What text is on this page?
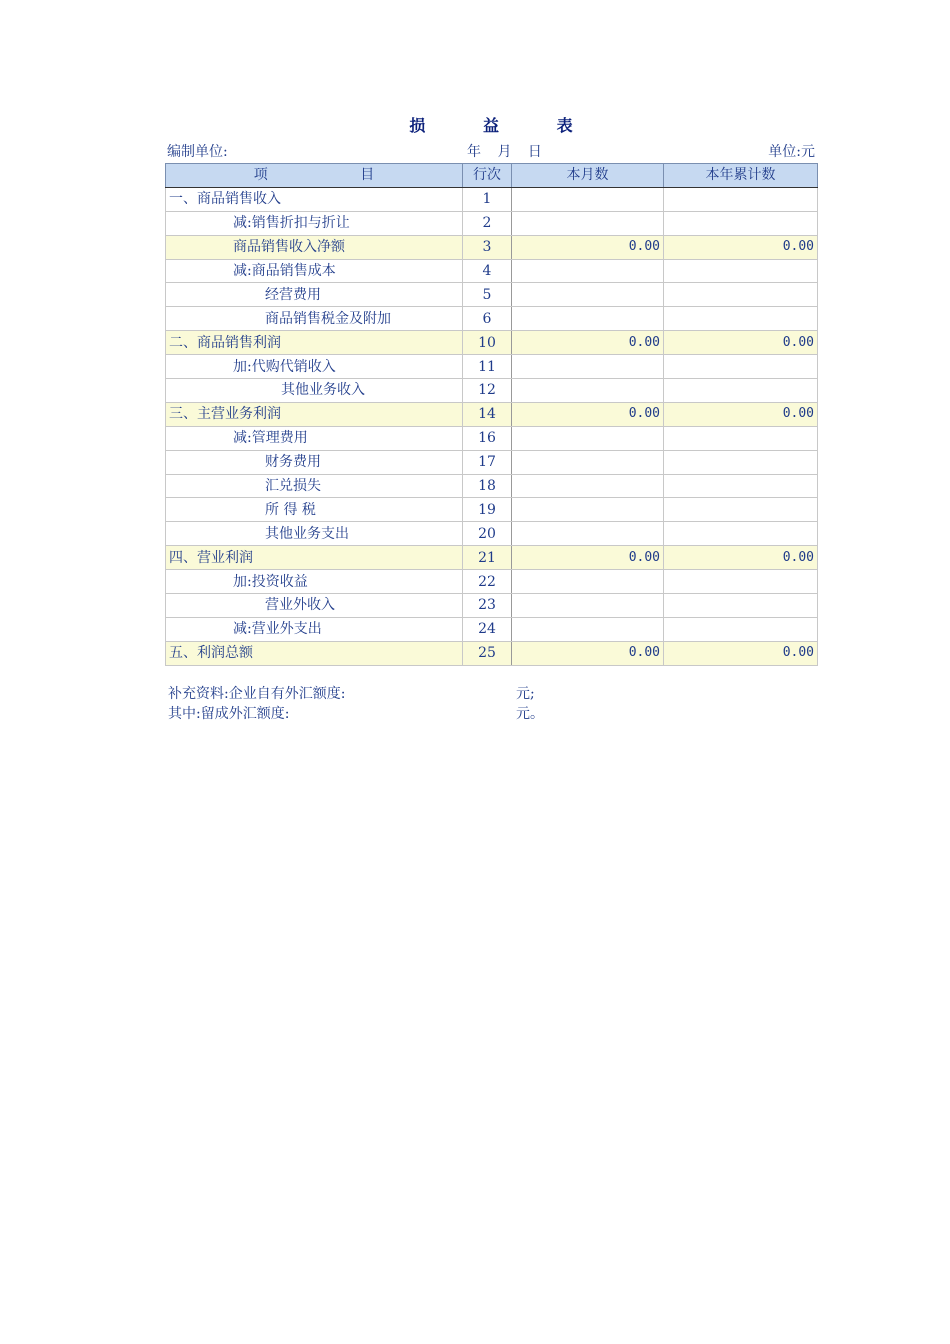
损	益	表
编制单位:	年 月 日	单位:元
项 目	行次	本月数	本年累计数
一、商品销售收入	1		
减:销售折扣与折让	2		
商品销售收入净额	3	0.00	0.00
减:商品销售成本	4		
经营费用	5		
商品销售税金及附加	6		
二、商品销售利润	10	0.00	0.00
加:代购代销收入	11		
其他业务收入	12		
三、主营业务利润	14	0.00	0.00
减:管理费用	16		
财务费用	17		
汇兑损失	18		
所 得 税	19		
其他业务支出	20		
四、营业利润	21	0.00	0.00
加:投资收益	22		
营业外收入	23		
减:营业外支出	24		
五、利润总额	25	0.00	0.00
补充资料:企业自有外汇额度:	元;
其中:留成外汇额度:	元。
